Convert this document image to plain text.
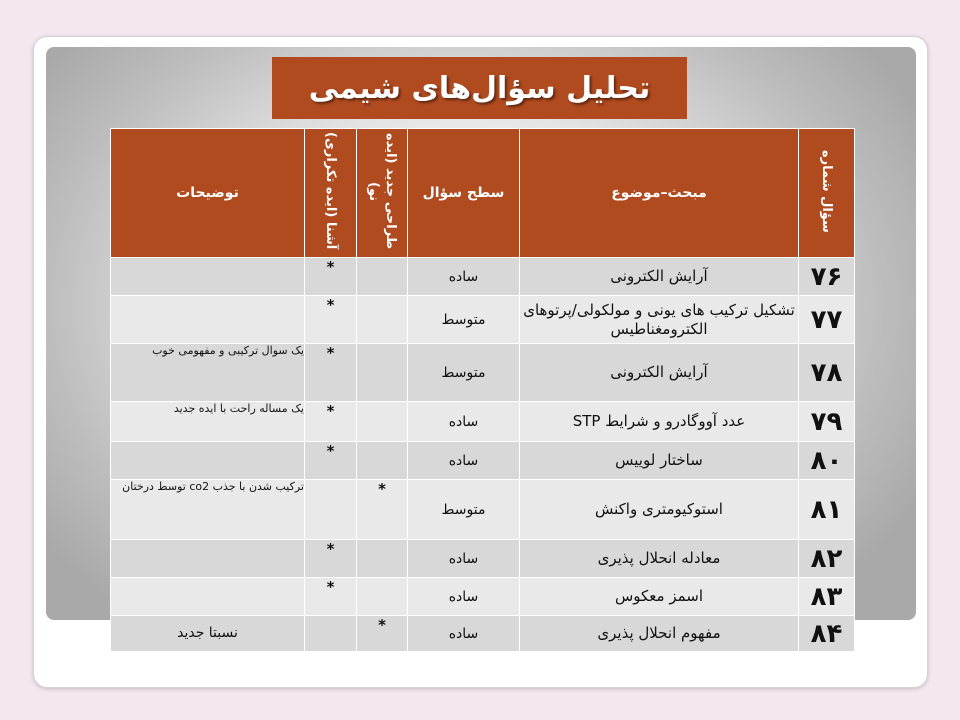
تحلیل سؤال‌های شیمی
سؤال شماره	مبحث–موضوع	سطح سؤال	طراحی جدید (ایده نو)	آشنا (ایده تکراری)	توضیحات
۷۶	آرایش الکترونی	ساده		*	
۷۷	تشکیل ترکیب های یونی و مولکولی/پرتوهای الکترومغناطیس	متوسط		*	
۷۸	آرایش الکترونی	متوسط		*	یک سوال ترکیبی و مفهومی خوب
۷۹	عدد آووگادرو و شرایط STP	ساده		*	یک مساله راحت با ایده جدید
۸۰	ساختار لوییس	ساده		*	
۸۱	استوکیومتری واکنش	متوسط	*		ترکیب شدن با جذب co2 توسط درختان
۸۲	معادله انحلال پذیری	ساده		*	
۸۳	اسمز معکوس	ساده		*	
۸۴	مفهوم انحلال پذیری	ساده	*		نسبتا جدید
